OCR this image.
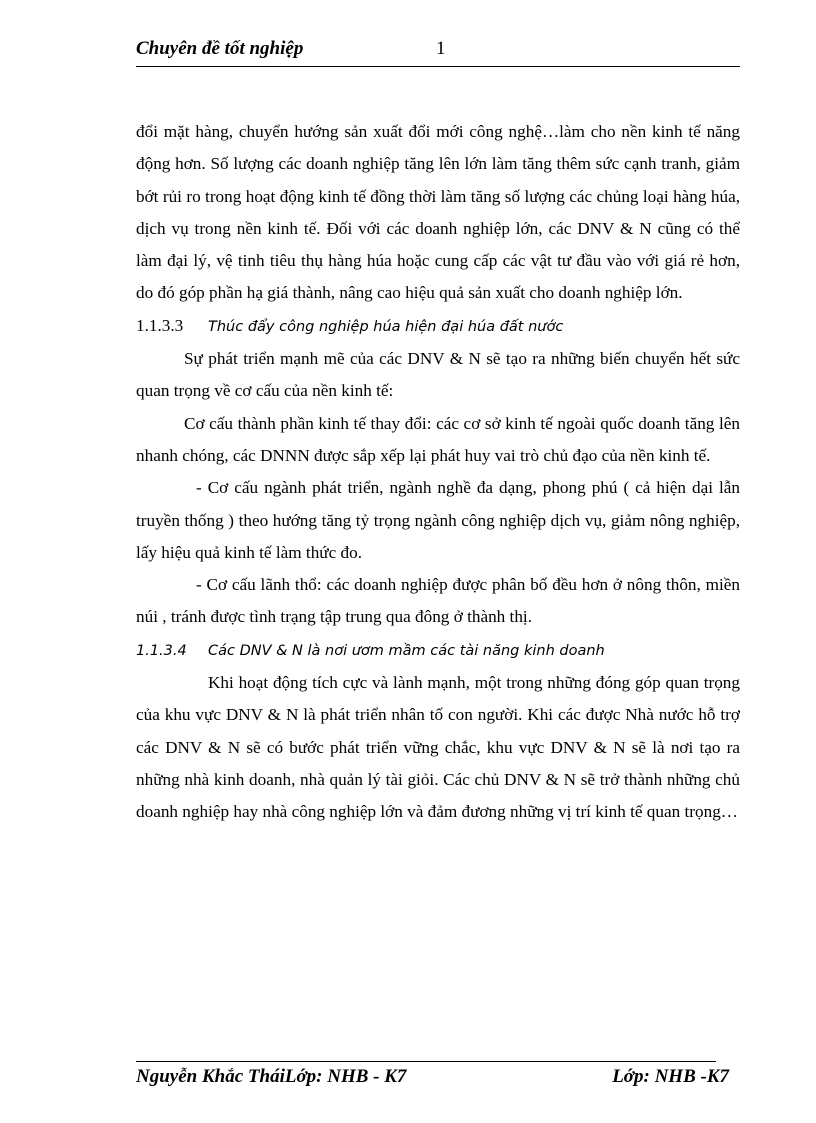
Chuyên đề tốt nghiệp	1

đổi mặt hàng, chuyển hướng sản xuất đổi mới công nghệ…làm cho nền kinh tế năng động hơn. Số lượng các doanh nghiệp tăng lên lớn làm tăng thêm sức cạnh tranh, giảm bớt rủi ro trong hoạt động kinh tế đồng thời làm tăng số lượng các chủng loại hàng húa, dịch vụ trong nền kinh tế. Đối với các doanh nghiệp lớn, các DNV & N cũng có thể làm đại lý, vệ tinh tiêu thụ hàng húa hoặc cung cấp các vật tư đầu vào với giá rẻ hơn, do đó góp phần hạ giá thành, nâng cao hiệu quả sản xuất cho doanh nghiệp lớn.

1.1.3.3 Thúc đẩy công nghiệp húa hiện đại húa đất nước

Sự phát triển mạnh mẽ của các DNV & N sẽ tạo ra những biến chuyển hết sức quan trọng về cơ cấu của nền kinh tế:

Cơ cấu thành phần kinh tế thay đổi: các cơ sở kinh tế ngoài quốc doanh tăng lên nhanh chóng, các DNNN được sắp xếp lại phát huy vai trò chủ đạo của nền kinh tế.

- Cơ cấu ngành phát triển, ngành nghề đa dạng, phong phú ( cả hiện dại lẫn truyền thống ) theo hướng tăng tỷ trọng ngành công nghiệp dịch vụ, giảm nông nghiệp, lấy hiệu quả kinh tế làm thức đo.

- Cơ cấu lãnh thổ: các doanh nghiệp được phân bố đều hơn ở nông thôn, miền núi , tránh được tình trạng tập trung qua đông ở thành thị.

1.1.3.4 Các DNV & N là nơi ươm mầm các tài năng kinh doanh

Khi hoạt động tích cực và lành mạnh, một trong những đóng góp quan trọng của khu vực DNV & N là phát triển nhân tố con người. Khi các được Nhà nước hỗ trợ các DNV & N sẽ có bước phát triển vững chắc, khu vực DNV & N sẽ là nơi tạo ra những nhà kinh doanh, nhà quản lý tài giỏi. Các chủ DNV & N sẽ trở thành những chủ doanh nghiệp hay nhà công nghiệp lớn và đảm đương những vị trí kinh tế quan trọng…

Nguyễn Khắc TháiLớp: NHB - K7	Lớp: NHB -K7
